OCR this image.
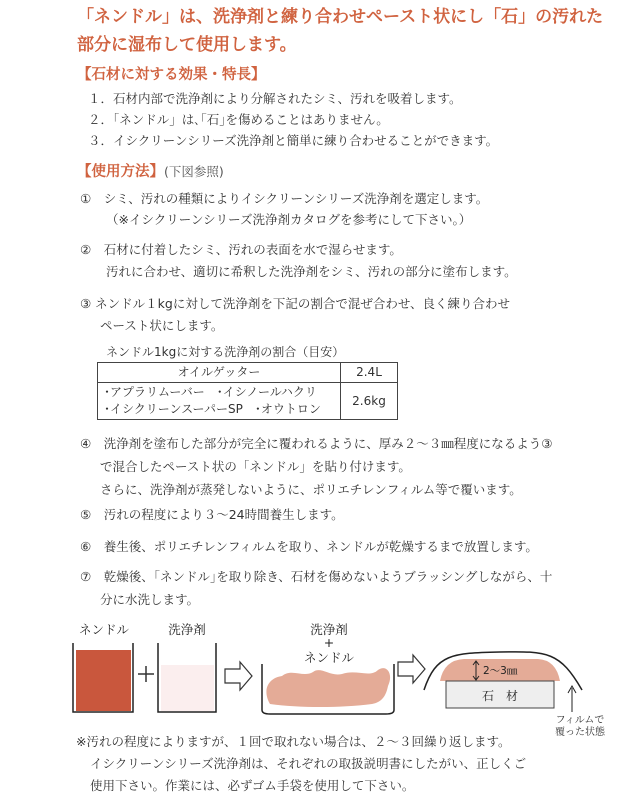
「ネンドル」は、洗浄剤と練り合わせペースト状にし「石」の汚れた
部分に湿布して使用します。
【石材に対する効果・特長】
１．石材内部で洗浄剤により分解されたシミ、汚れを吸着します。
２．「ネンドル」は､｢石｣を傷めることはありません。
３．イシクリーンシリーズ洗浄剤と簡単に練り合わせることができます。
【使用方法】(下図参照)
①　シミ、汚れの種類によりイシクリーンシリーズ洗浄剤を選定します。
（※イシクリーンシリーズ洗浄剤カタログを参考にして下さい。）
②　石材に付着したシミ、汚れの表面を水で湿らせます。
汚れに合わせ、適切に希釈した洗浄剤をシミ、汚れの部分に塗布します。
③ ネンドル１kgに対して洗浄剤を下記の割合で混ぜ合わせ、良く練り合わせ
ペースト状にします。
ネンドル1kgに対する洗浄剤の割合（目安）
オイルゲッター	2.4L

･アプラリムーバー　･イシノールハクリ
･イシクリーンスーパーSP　･オウトロン	2.6kg
④　洗浄剤を塗布した部分が完全に覆われるように、厚み２～３㎜程度になるよう③
で混合したペースト状の「ネンドル」を貼り付けます。
さらに、洗浄剤が蒸発しないように、ポリエチレンフィルム等で覆います。
⑤　汚れの程度により３～24時間養生します。
⑥　養生後、ポリエチレンフィルムを取り、ネンドルが乾燥するまで放置します。
⑦　乾燥後、｢ネンドル｣を取り除き、石材を傷めないようブラッシングしながら、十
分に水洗します。
ネンドル	洗浄剤	洗浄剤
+
ネンドル
2～3㎜
石　材
フィルムで
覆った状態
※汚れの程度によりますが、１回で取れない場合は、２～３回繰り返します。
イシクリーンシリーズ洗浄剤は、それぞれの取扱説明書にしたがい、正しくご
使用下さい。作業には、必ずゴム手袋を使用して下さい。
